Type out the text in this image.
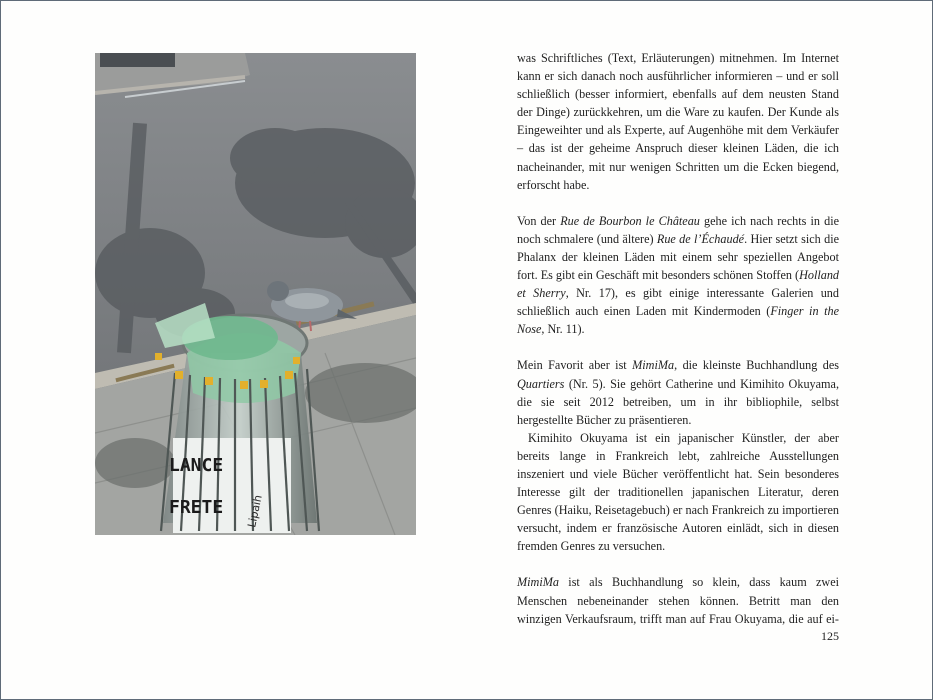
LANCE
FRETE Lipaih

was Schriftliches (Text, Erläuterungen) mitnehmen. Im Internet kann er sich danach noch ausführlicher informieren – und er soll schließlich (besser informiert, ebenfalls auf dem neusten Stand der Dinge) zurückkehren, um die Ware zu kaufen. Der Kunde als Eingeweihter und als Experte, auf Augenhöhe mit dem Verkäufer – das ist der geheime Anspruch dieser kleinen Läden, die ich nacheinander, mit nur wenigen Schritten um die Ecken biegend, erforscht habe.

Von der Rue de Bourbon le Château gehe ich nach rechts in die noch schmalere (und ältere) Rue de l’Échaudé. Hier setzt sich die Phalanx der kleinen Läden mit einem sehr speziellen Angebot fort. Es gibt ein Geschäft mit besonders schönen Stoffen (Holland et Sherry, Nr. 17), es gibt einige interessante Galerien und schließlich auch einen Laden mit Kindermoden (Finger in the Nose, Nr. 11).

Mein Favorit aber ist MimiMa, die kleinste Buchhandlung des Quartiers (Nr. 5). Sie gehört Catherine und Kimihito Okuyama, die sie seit 2012 betreiben, um in ihr bibliophile, selbst hergestellte Bücher zu präsentieren.

Kimihito Okuyama ist ein japanischer Künstler, der aber bereits lange in Frankreich lebt, zahlreiche Ausstellungen inszeniert und viele Bücher veröffentlicht hat. Sein besonderes Interesse gilt der traditionellen japanischen Literatur, deren Genres (Haiku, Reisetagebuch) er nach Frankreich zu importieren versucht, indem er französische Autoren einlädt, sich in diesen fremden Genres zu versuchen.

MimiMa ist als Buchhandlung so klein, dass kaum zwei Menschen nebeneinander stehen können. Betritt man den winzigen Verkaufsraum, trifft man auf Frau Okuyama, die auf ei-

125
